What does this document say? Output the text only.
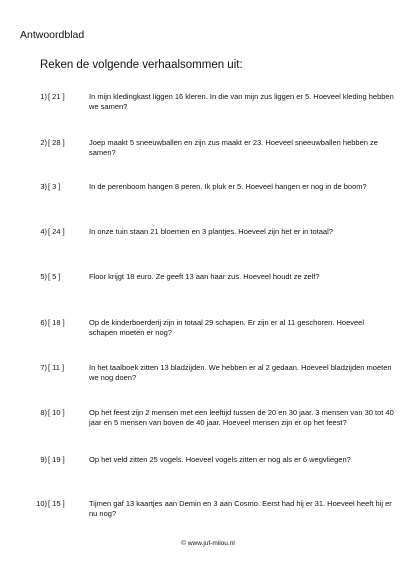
Antwoordblad
Reken de volgende verhaalsommen uit:
1) [ 21 ]	In mijn kledingkast liggen 16 kleren. In die van mijn zus liggen er 5. Hoeveel kleding hebben we samen?
2) [ 28 ]	Joep maakt 5 sneeuwballen en zijn zus maakt er 23. Hoeveel sneeuwballen hebben ze samen?
3) [ 3 ]	In de perenboom hangen 8 peren. Ik pluk er 5. Hoeveel hangen er nog in de boom?
4) [ 24 ]	In onze tuin staan 21 bloemen en 3 plantjes. Hoeveel zijn het er in totaal?
5) [ 5 ]	Floor krijgt 18 euro. Ze geeft 13 aan haar zus. Hoeveel houdt ze zelf?
6) [ 18 ]	Op de kinderboerderij zijn in totaal 29 schapen. Er zijn er al 11 geschoren. Hoeveel schapen moeten er nog?
7) [ 11 ]	In het taalboek zitten 13 bladzijden. We hebben er al 2 gedaan. Hoeveel bladzijden moeten we nog doen?
8) [ 10 ]	Op het feest zijn 2 mensen met een leeftijd tussen de 20 en 30 jaar. 3 mensen van 30 tot 40 jaar en 5 mensen van boven de 40 jaar. Hoeveel mensen zijn er op het feest?
9) [ 19 ]	Op het veld zitten 25 vogels. Hoeveel vogels zitten er nog als er 6 wegvliegen?
10) [ 15 ]	Tijmen gaf 13 kaartjes aan Demin en 3 aan Cosmo. Eerst had hij er 31. Hoeveel heeft hij er nu nog?
© www.juf-milou.nl
